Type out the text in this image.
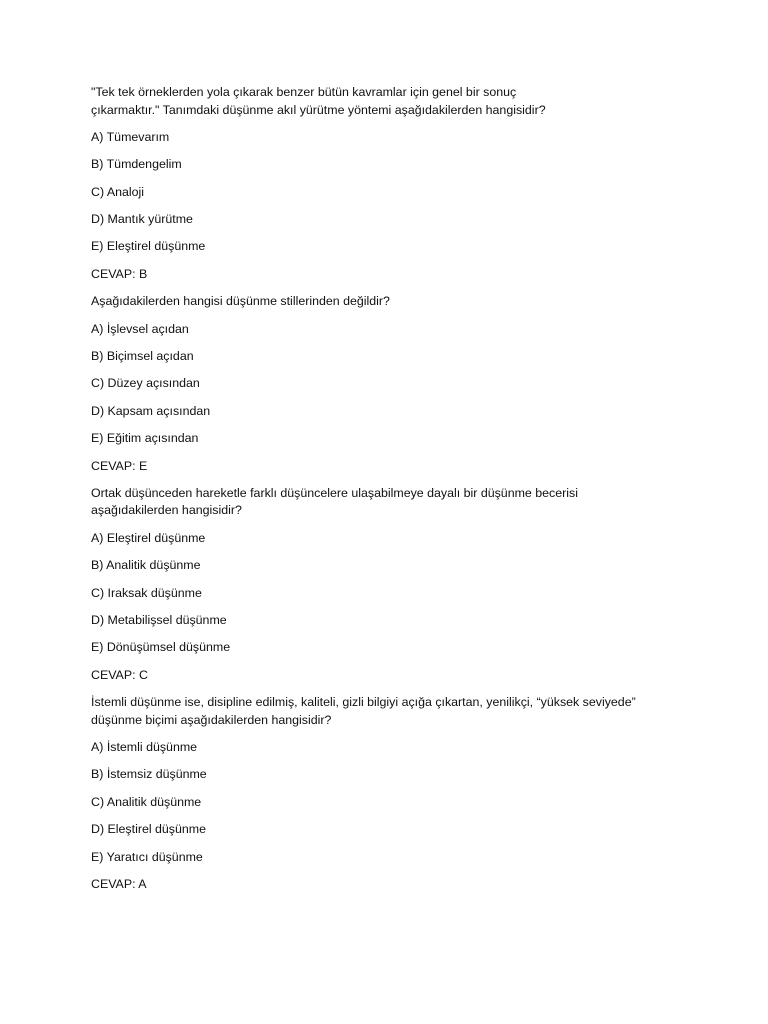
"Tek tek örneklerden yola çıkarak benzer bütün kavramlar için genel bir sonuç
çıkarmaktır." Tanımdaki düşünme akıl yürütme yöntemi aşağıdakilerden hangisidir?
A) Tümevarım
B) Tümdengelim
C) Analoji
D) Mantık yürütme
E) Eleştirel düşünme
CEVAP: B
Aşağıdakilerden hangisi düşünme stillerinden değildir?
A) İşlevsel açıdan
B) Biçimsel açıdan
C) Düzey açısından
D) Kapsam açısından
E) Eğitim açısından
CEVAP: E
Ortak düşünceden hareketle farklı düşüncelere ulaşabilmeye dayalı bir düşünme becerisi
aşağıdakilerden hangisidir?
A) Eleştirel düşünme
B) Analitik düşünme
C) Iraksak düşünme
D) Metabilişsel düşünme
E) Dönüşümsel düşünme
CEVAP: C
İstemli düşünme ise, disipline edilmiş, kaliteli, gizli bilgiyi açığa çıkartan, yenilikçi, “yüksek seviyede”
düşünme biçimi aşağıdakilerden hangisidir?
A) İstemli düşünme
B) İstemsiz düşünme
C) Analitik düşünme
D) Eleştirel düşünme
E) Yaratıcı düşünme
CEVAP: A
